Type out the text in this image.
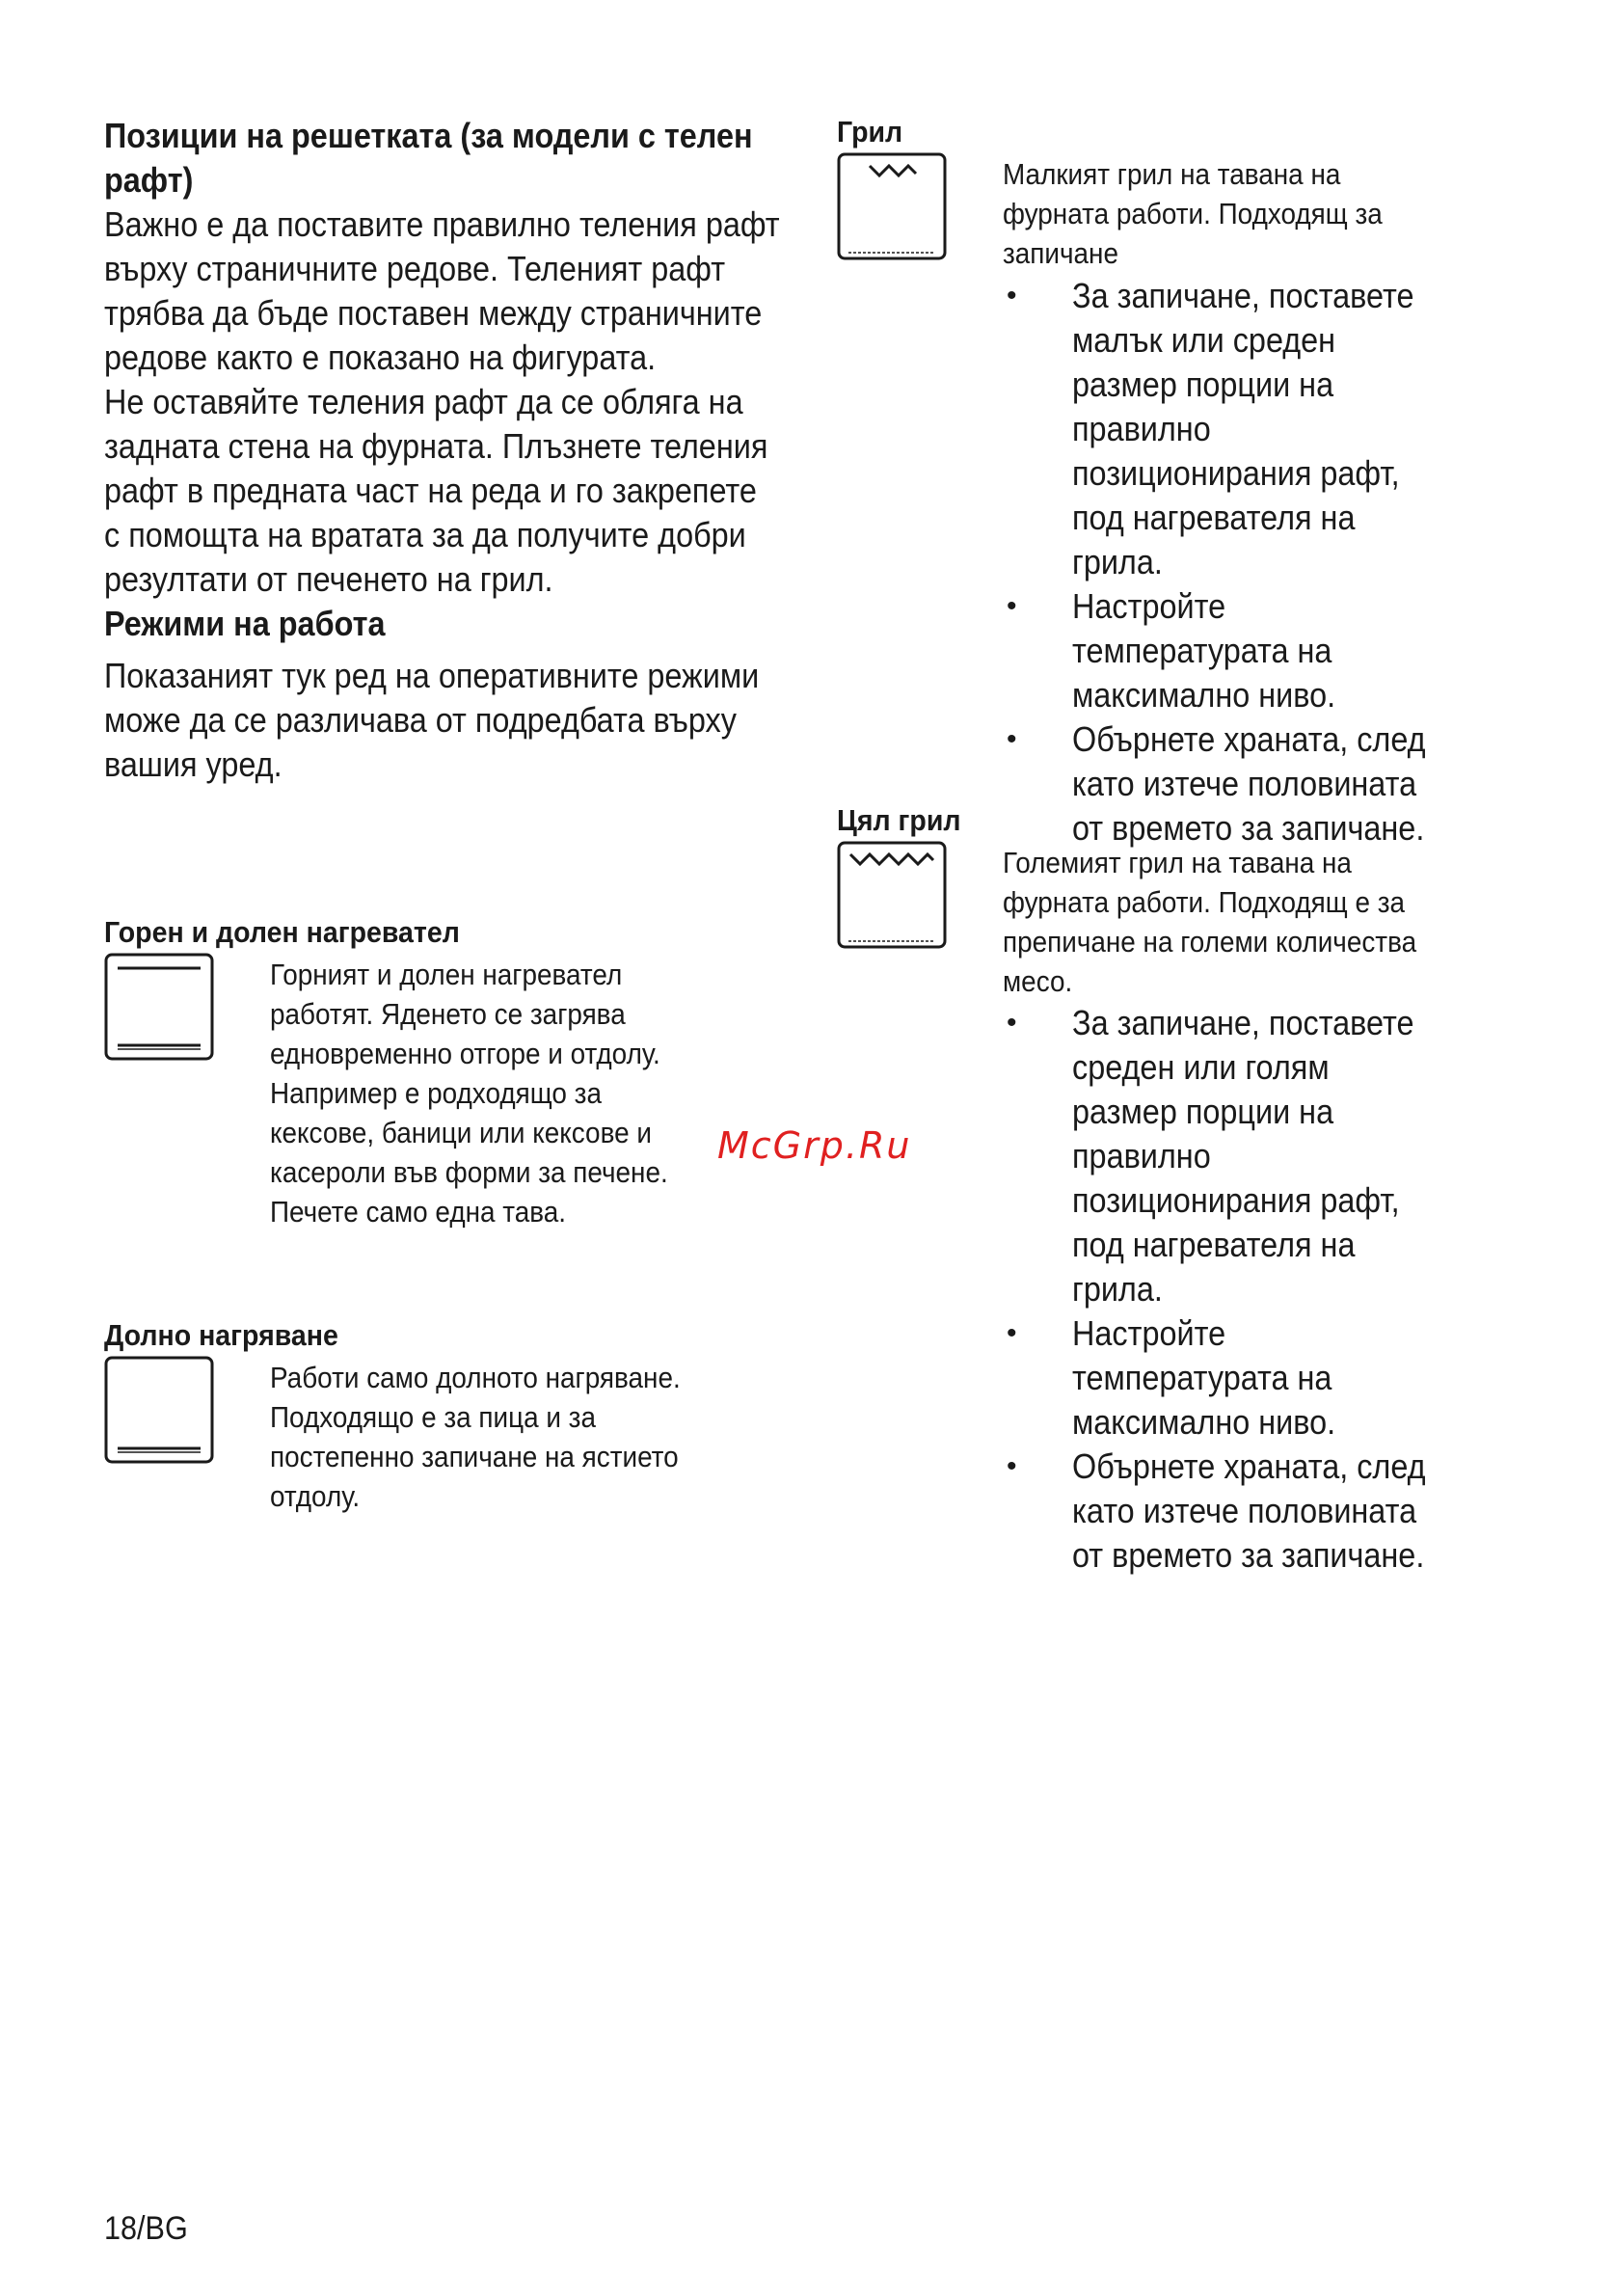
Позиции на решетката (за модели с телен рафт)

Важно е да поставите правилно теления рафт върху страничните редове. Теленият рафт трябва да бъде поставен между страничните редове както е показано на фигурата.

Не оставяйте теления рафт да се обляга на задната стена на фурната. Плъзнете теления рафт в предната част на реда и го закрепете с помощта на вратата за да получите добри резултати от печенето на грил.

Режими на работа

Показаният тук ред на оперативните режими може да се различава от подредбата върху вашия уред.

Горен и долен нагревател

Горният и долен нагревател работят. Яденето се загрява едновременно отгоре и отдолу. Например е родходящо за кексове, баници или кексове и касероли във форми за печене. Печете само една тава.

Долно нагряване

Работи само долното нагряване. Подходящо е за пица и за постепенно запичане на ястието отдолу.

Грил

Малкият грил на тавана на фурната работи. Подходящ за запичане

• За запичане, поставете малък или среден размер порции на правилно позиционирания рафт, под нагревателя на грила.
• Настройте температурата на максимално ниво.
• Обърнете храната, след като изтече половината от времето за запичане.
Цял грил

Големият грил на тавана на фурната работи. Подходящ е за препичане на големи количества месо.

• За запичане, поставете среден или голям размер порции на правилно позиционирания рафт, под нагревателя на грила.
• Настройте температурата на максимално ниво.
• Обърнете храната, след като изтече половината от времето за запичане.
McGrp.Ru
18/BG
